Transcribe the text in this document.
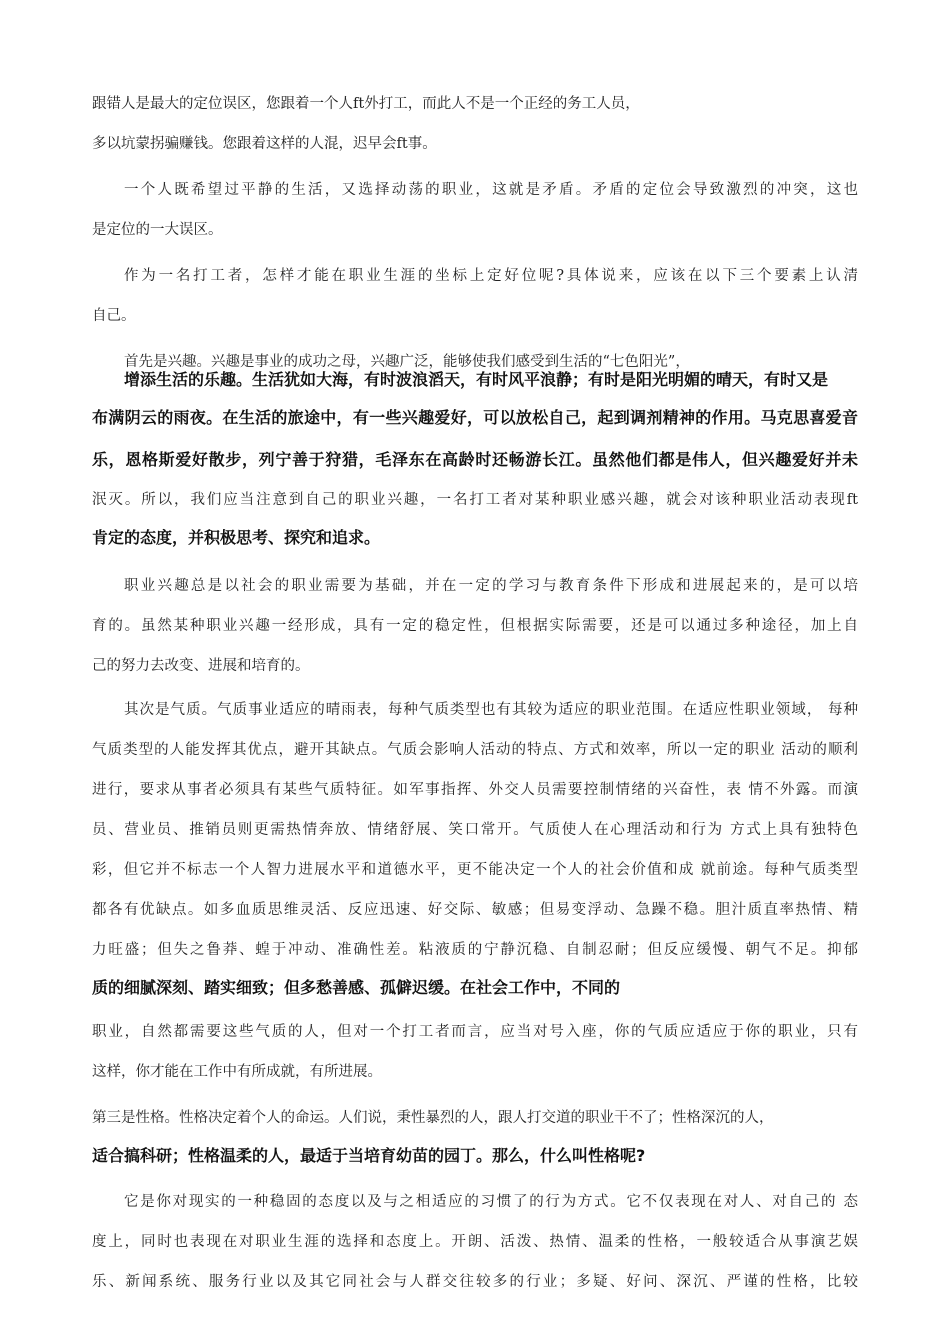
跟错人是最大的定位误区，您跟着一个人ft外打工，而此人不是一个正经的务工人员，
多以坑蒙拐骗赚钱。您跟着这样的人混，迟早会ft事。
一个人既希望过平静的生活，又选择动荡的职业，这就是矛盾。矛盾的定位会导致激烈的冲突，这也
是定位的一大误区。
作为一名打工者，怎样才能在职业生涯的坐标上定好位呢?具体说来，应该在以下三个要素上认清
自己。
首先是兴趣。兴趣是事业的成功之母，兴趣广泛，能够使我们感受到生活的“七色阳光”，
增添生活的乐趣。生活犹如大海，有时波浪滔天，有时风平浪静；有时是阳光明媚的晴天，有时又是
布满阴云的雨夜。在生活的旅途中，有一些兴趣爱好，可以放松自己，起到调剂精神的作用。马克思喜爱音
乐，恩格斯爱好散步，列宁善于狩猎，毛泽东在高龄时还畅游长江。虽然他们都是伟人，但兴趣爱好并未
泯灭。所以，我们应当注意到自己的职业兴趣，一名打工者对某种职业感兴趣，就会对该种职业活动表现ft
肯定的态度，并积极思考、探究和追求。
职业兴趣总是以社会的职业需要为基础，并在一定的学习与教育条件下形成和进展起来的，是可以培
育的。虽然某种职业兴趣一经形成，具有一定的稳定性，但根据实际需要，还是可以通过多种途径，加上自
己的努力去改变、进展和培育的。
其次是气质。气质事业适应的晴雨表，每种气质类型也有其较为适应的职业范围。在适应性职业领域， 每种
气质类型的人能发挥其优点，避开其缺点。气质会影响人活动的特点、方式和效率，所以一定的职业 活动的顺利
进行，要求从事者必须具有某些气质特征。如军事指挥、外交人员需要控制情绪的兴奋性，表 情不外露。而演
员、营业员、推销员则更需热情奔放、情绪舒展、笑口常开。气质使人在心理活动和行为 方式上具有独特色
彩，但它并不标志一个人智力进展水平和道德水平，更不能决定一个人的社会价值和成 就前途。每种气质类型
都各有优缺点。如多血质思维灵活、反应迅速、好交际、敏感；但易变浮动、急躁不稳。胆汁质直率热情、精
力旺盛；但失之鲁莽、蝗于冲动、准确性差。粘液质的宁静沉稳、自制忍耐；但反应缓慢、朝气不足。抑郁
质的细腻深刻、踏实细致；但多愁善感、孤僻迟缓。在社会工作中，不同的
职业，自然都需要这些气质的人，但对一个打工者而言，应当对号入座，你的气质应适应于你的职业，只有
这样，你才能在工作中有所成就，有所进展。
第三是性格。性格决定着个人的命运。人们说，秉性暴烈的人，跟人打交道的职业干不了；性格深沉的人，
适合搞科研；性格温柔的人，最适于当培育幼苗的园丁。那么，什么叫性格呢?
它是你对现实的一种稳固的态度以及与之相适应的习惯了的行为方式。它不仅表现在对人、对自己的 态
度上，同时也表现在对职业生涯的选择和态度上。开朗、活泼、热情、温柔的性格，一般较适合从事演艺娱
乐、新闻系统、服务行业以及其它同社会与人群交往较多的行业；多疑、好问、深沉、严谨的性格，比较
